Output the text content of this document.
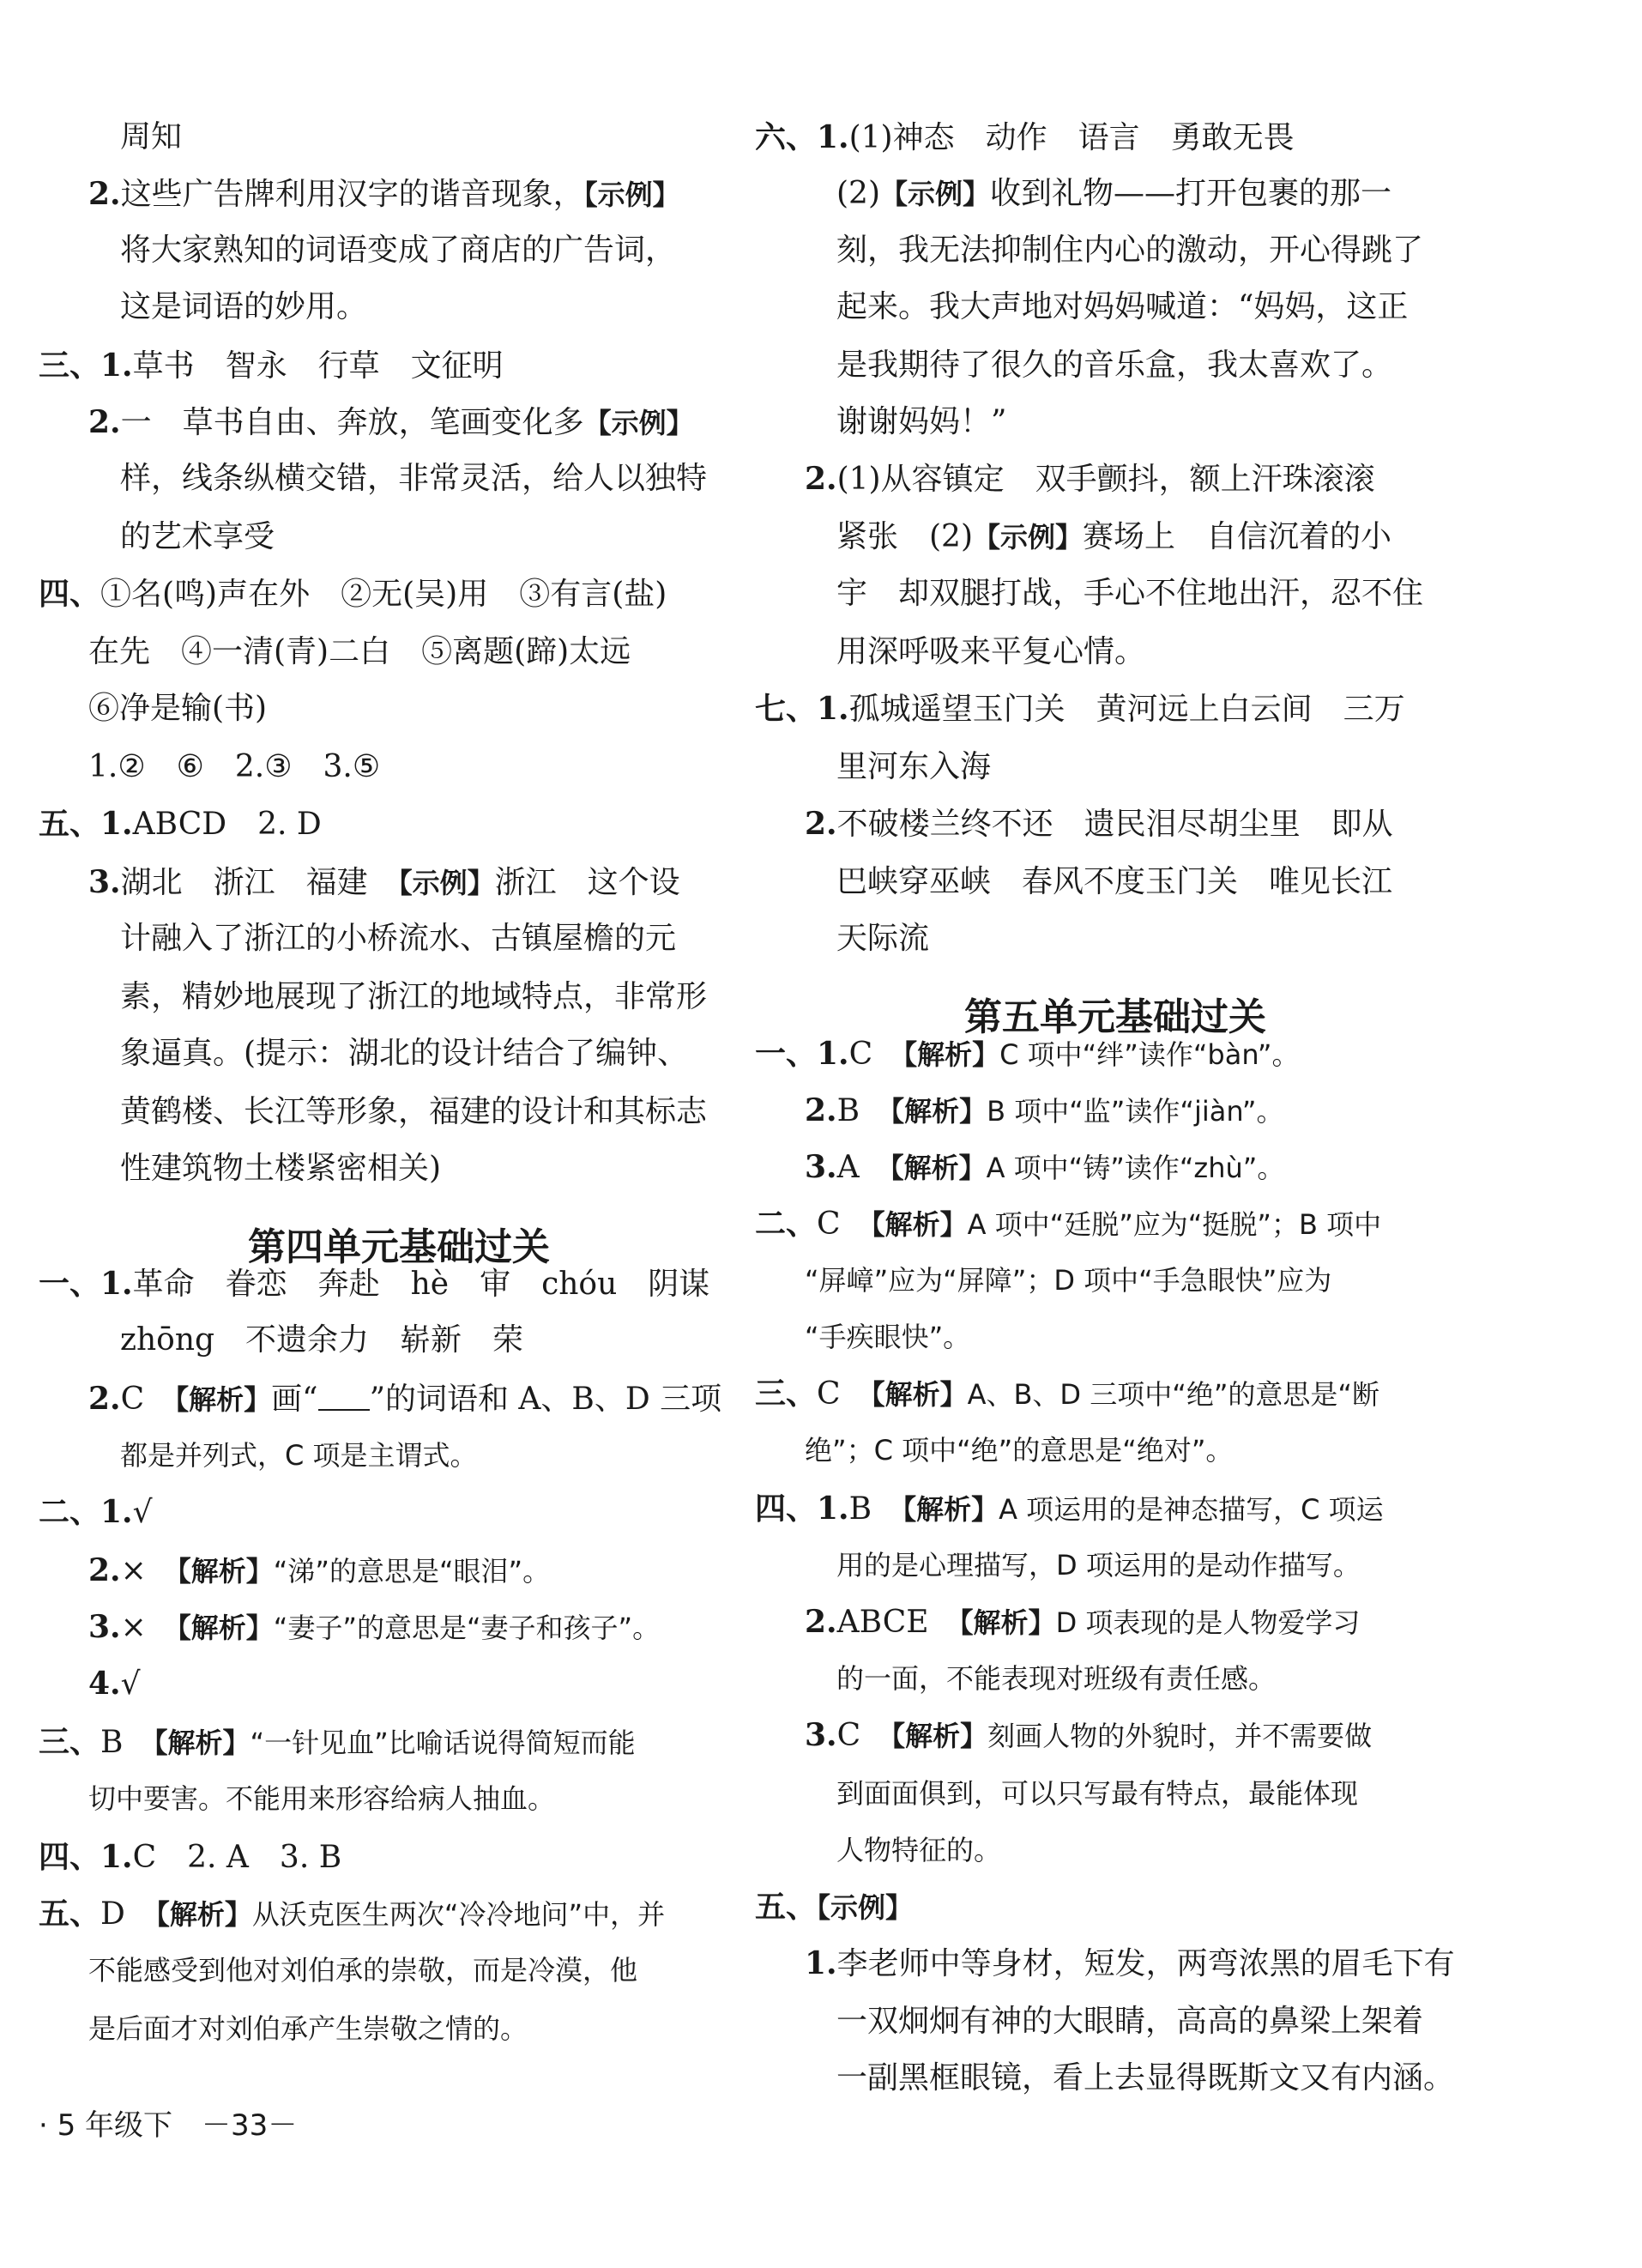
第四单元基础过关
· 5 年级下　－33－
周知
2.这些广告牌利用汉字的谐音现象，【示例】
将大家熟知的词语变成了商店的广告词，
这是词语的妙用。
三、1.草书　智永　行草　文征明
2.一　草书自由、奔放，笔画变化多【示例】
样，线条纵横交错，非常灵活，给人以独特
的艺术享受
四、①名(鸣)声在外　②无(吴)用　③有言(盐)
在先　④一清(青)二白　⑤离题(蹄)太远
⑥净是输(书)
1.②　⑥　2.③　3.⑤
五、1.ABCD　2. D
3.湖北　浙江　福建　【示例】浙江　这个设
计融入了浙江的小桥流水、古镇屋檐的元
素，精妙地展现了浙江的地域特点，非常形
象逼真。(提示：湖北的设计结合了编钟、
黄鹤楼、长江等形象，福建的设计和其标志
性建筑物土楼紧密相关)
一、1.革命　眷恋　奔赴　hè　审　chóu　阴谋
zhōng　不遗余力　崭新　荣
2.C　【解析】画“ ”的词语和 A、B、D 三项
都是并列式，C 项是主谓式。
二、1.√
2.×　【解析】“涕”的意思是“眼泪”。
3.×　【解析】“妻子”的意思是“妻子和孩子”。
4.√
三、B　【解析】“一针见血”比喻话说得简短而能
切中要害。不能用来形容给病人抽血。
四、1.C　2. A　3. B
五、D　【解析】从沃克医生两次“冷冷地问”中，并
不能感受到他对刘伯承的崇敬，而是冷漠，他
是后面才对刘伯承产生崇敬之情的。
第五单元基础过关
六、1.(1)神态　动作　语言　勇敢无畏
(2)【示例】收到礼物——打开包裹的那一
刻，我无法抑制住内心的激动，开心得跳了
起来。我大声地对妈妈喊道：“妈妈，这正
是我期待了很久的音乐盒，我太喜欢了。
谢谢妈妈！”
2.(1)从容镇定　双手颤抖，额上汗珠滚滚
紧张　(2)【示例】赛场上　自信沉着的小
宇　却双腿打战，手心不住地出汗，忍不住
用深呼吸来平复心情。
七、1.孤城遥望玉门关　黄河远上白云间　三万
里河东入海
2.不破楼兰终不还　遗民泪尽胡尘里　即从
巴峡穿巫峡　春风不度玉门关　唯见长江
天际流
一、1.C　【解析】C 项中“绊”读作“bàn”。
2.B　【解析】B 项中“监”读作“jiàn”。
3.A　【解析】A 项中“铸”读作“zhù”。
二、C　【解析】A 项中“廷脱”应为“挺脱”；B 项中
“屏嶂”应为“屏障”；D 项中“手急眼快”应为
“手疾眼快”。
三、C　【解析】A、B、D 三项中“绝”的意思是“断
绝”；C 项中“绝”的意思是“绝对”。
四、1.B　【解析】A 项运用的是神态描写，C 项运
用的是心理描写，D 项运用的是动作描写。
2.ABCE　【解析】D 项表现的是人物爱学习
的一面，不能表现对班级有责任感。
3.C　【解析】刻画人物的外貌时，并不需要做
到面面俱到，可以只写最有特点，最能体现
人物特征的。
五、【示例】
1.李老师中等身材，短发，两弯浓黑的眉毛下有
一双炯炯有神的大眼睛，高高的鼻梁上架着
一副黑框眼镜，看上去显得既斯文又有内涵。
